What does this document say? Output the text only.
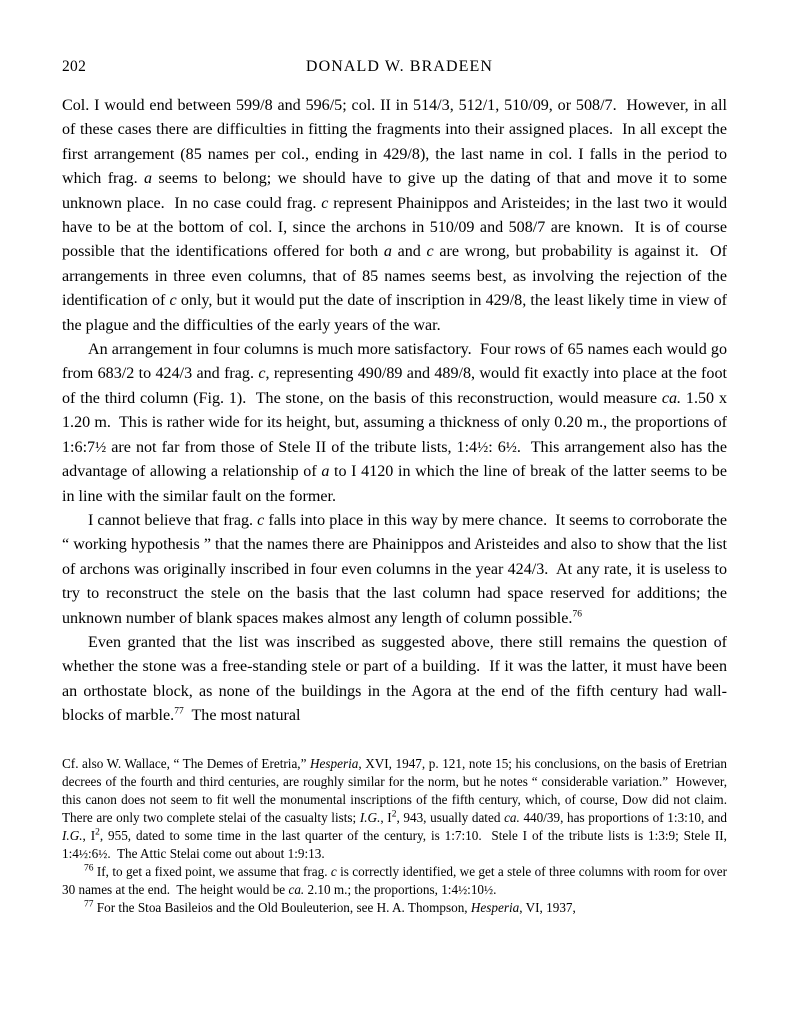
202	DONALD W. BRADEEN

Col. I would end between 599/8 and 596/5; col. II in 514/3, 512/1, 510/09, or 508/7.  However, in all of these cases there are difficulties in fitting the fragments into their assigned places.  In all except the first arrangement (85 names per col., ending in 429/8), the last name in col. I falls in the period to which frag. a seems to belong; we should have to give up the dating of that and move it to some unknown place.  In no case could frag. c represent Phainippos and Aristeides; in the last two it would have to be at the bottom of col. I, since the archons in 510/09 and 508/7 are known.  It is of course possible that the identifications offered for both a and c are wrong, but probability is against it.  Of arrangements in three even columns, that of 85 names seems best, as involving the rejection of the identification of c only, but it would put the date of inscription in 429/8, the least likely time in view of the plague and the difficulties of the early years of the war.

An arrangement in four columns is much more satisfactory.  Four rows of 65 names each would go from 683/2 to 424/3 and frag. c, representing 490/89 and 489/8, would fit exactly into place at the foot of the third column (Fig. 1).  The stone, on the basis of this reconstruction, would measure ca. 1.50 x 1.20 m.  This is rather wide for its height, but, assuming a thickness of only 0.20 m., the proportions of 1:6:7½ are not far from those of Stele II of the tribute lists, 1:4½: 6½.  This arrangement also has the advantage of allowing a relationship of a to I 4120 in which the line of break of the latter seems to be in line with the similar fault on the former.

I cannot believe that frag. c falls into place in this way by mere chance.  It seems to corroborate the “ working hypothesis ” that the names there are Phainippos and Aristeides and also to show that the list of archons was originally inscribed in four even columns in the year 424/3.  At any rate, it is useless to try to reconstruct the stele on the basis that the last column had space reserved for additions; the unknown number of blank spaces makes almost any length of column possible.$^{76}$

Even granted that the list was inscribed as suggested above, there still remains the question of whether the stone was a free-standing stele or part of a building.  If it was the latter, it must have been an orthostate block, as none of the buildings in the Agora at the end of the fifth century had wall-blocks of marble.$^{77}$  The most natural

Cf. also W. Wallace, “ The Demes of Eretria,” Hesperia, XVI, 1947, p. 121, note 15; his conclusions, on the basis of Eretrian decrees of the fourth and third centuries, are roughly similar for the norm, but he notes “ considerable variation.”  However, this canon does not seem to fit well the monumental inscriptions of the fifth century, which, of course, Dow did not claim. There are only two complete stelai of the casualty lists; I.G., $I^2$, 943, usually dated ca. 440/39, has proportions of 1:3:10, and I.G., $I^2$, 955, dated to some time in the last quarter of the century, is 1:7:10.  Stele I of the tribute lists is 1:3:9; Stele II, 1:4½:6½.  The Attic Stelai come out about 1:9:13.

$^{76}$ If, to get a fixed point, we assume that frag. c is correctly identified, we get a stele of three columns with room for over 30 names at the end.  The height would be ca. 2.10 m.; the proportions, 1:4½:10½.

$^{77}$ For the Stoa Basileios and the Old Bouleuterion, see H. A. Thompson, Hesperia, VI, 1937,
